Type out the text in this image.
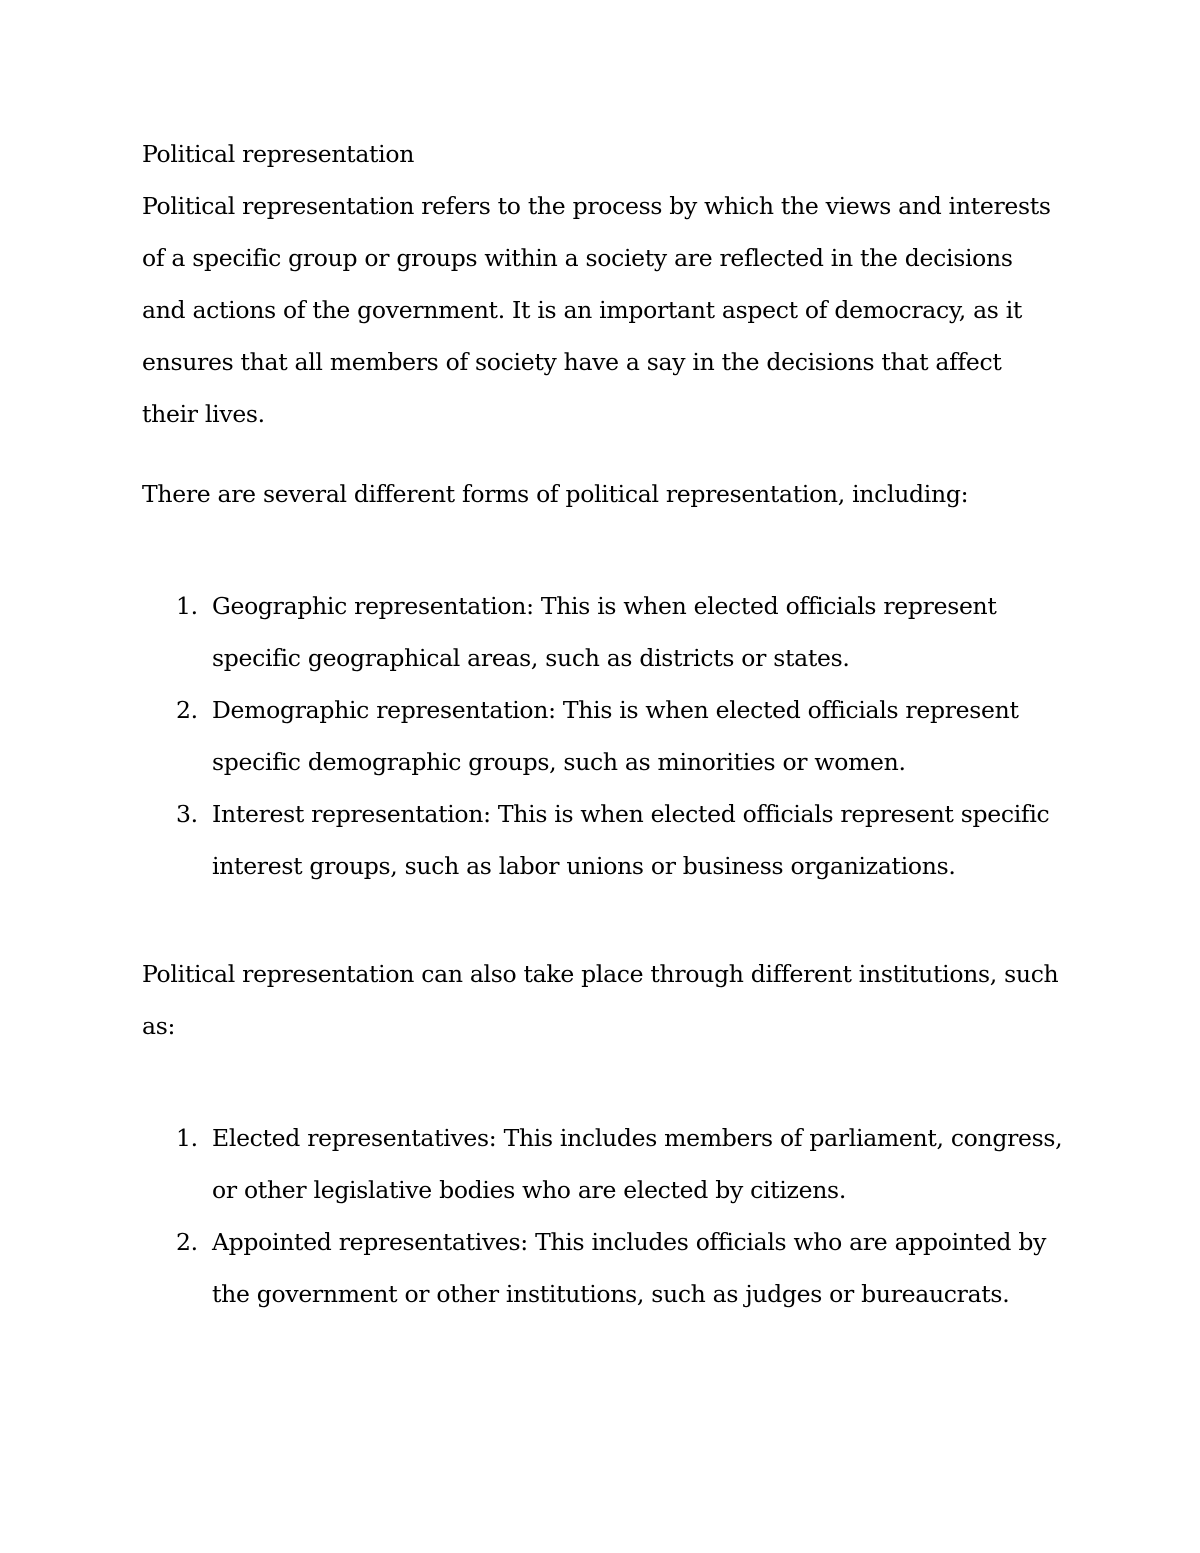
Political representation

Political representation refers to the process by which the views and interests of a specific group or groups within a society are reflected in the decisions and actions of the government. It is an important aspect of democracy, as it ensures that all members of society have a say in the decisions that affect their lives.

There are several different forms of political representation, including:

1. Geographic representation: This is when elected officials represent specific geographical areas, such as districts or states.
2. Demographic representation: This is when elected officials represent specific demographic groups, such as minorities or women.
3. Interest representation: This is when elected officials represent specific interest groups, such as labor unions or business organizations.

Political representation can also take place through different institutions, such as:

1. Elected representatives: This includes members of parliament, congress, or other legislative bodies who are elected by citizens.
2. Appointed representatives: This includes officials who are appointed by the government or other institutions, such as judges or bureaucrats.
